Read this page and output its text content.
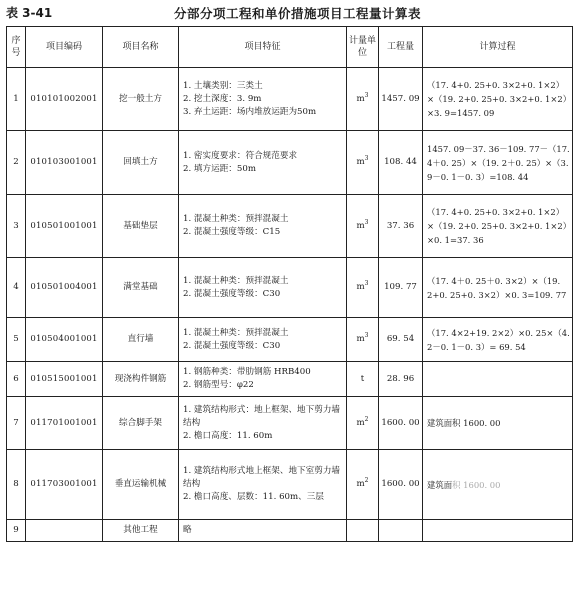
表 3-41	分部分项工程和单价措施项目工程量计算表
序号	项目编码	项目名称	项目特征	计量单位	工程量	计算过程
1	010101002001	挖一般土方	1. 土壤类别：三类土
2. 挖土深度：3. 9m
3. 弃土运距：场内堆放运距为50m	$m^3$	1457. 09	（17. 4+0. 25+0. 3×2+0. 1×2）×（19. 2+0. 25+0. 3×2+0. 1×2）×3. 9=1457. 09
2	010103001001	回填土方	1. 密实度要求：符合规范要求
2. 填方运距：50m	$m^3$	108. 44	1457. 09－37. 36－109. 77－（17. 4＋0. 25）×（19. 2＋0. 25）×（3. 9－0. 1－0. 3）=108. 44
3	010501001001	基础垫层	1. 混凝土种类：预拌混凝土
2. 混凝土强度等级：C15	$m^3$	37. 36	（17. 4+0. 25+0. 3×2+0. 1×2）×（19. 2+0. 25+0. 3×2+0. 1×2）×0. 1=37. 36
4	010501004001	满堂基础	1. 混凝土种类：预拌混凝土
2. 混凝土强度等级：C30	$m^3$	109. 77	（17. 4＋0. 25＋0. 3×2）×（19. 2+0. 25+0. 3×2）×0. 3=109. 77
5	010504001001	直行墙	1. 混凝土种类：预拌混凝土
2. 混凝土强度等级：C30	$m^3$	69. 54	（17. 4×2+19. 2×2）×0. 25×（4. 2－0. 1－0. 3）= 69. 54
6	010515001001	现浇构件钢筋	1. 钢筋种类：带肋钢筋 HRB400
2. 钢筋型号：φ22	t	28. 96	
7	011701001001	综合脚手架	1. 建筑结构形式：地上框架、地下剪力墙结构
2. 檐口高度：11. 60m	$m^2$	1600. 00	建筑面积 1600. 00
8	011703001001	垂直运输机械	1. 建筑结构形式地上框架、地下室剪力墙结构
2. 檐口高度、层数：11. 60m、三层	$m^2$	1600. 00	建筑面积 1600. 00
9		其他工程	略			
